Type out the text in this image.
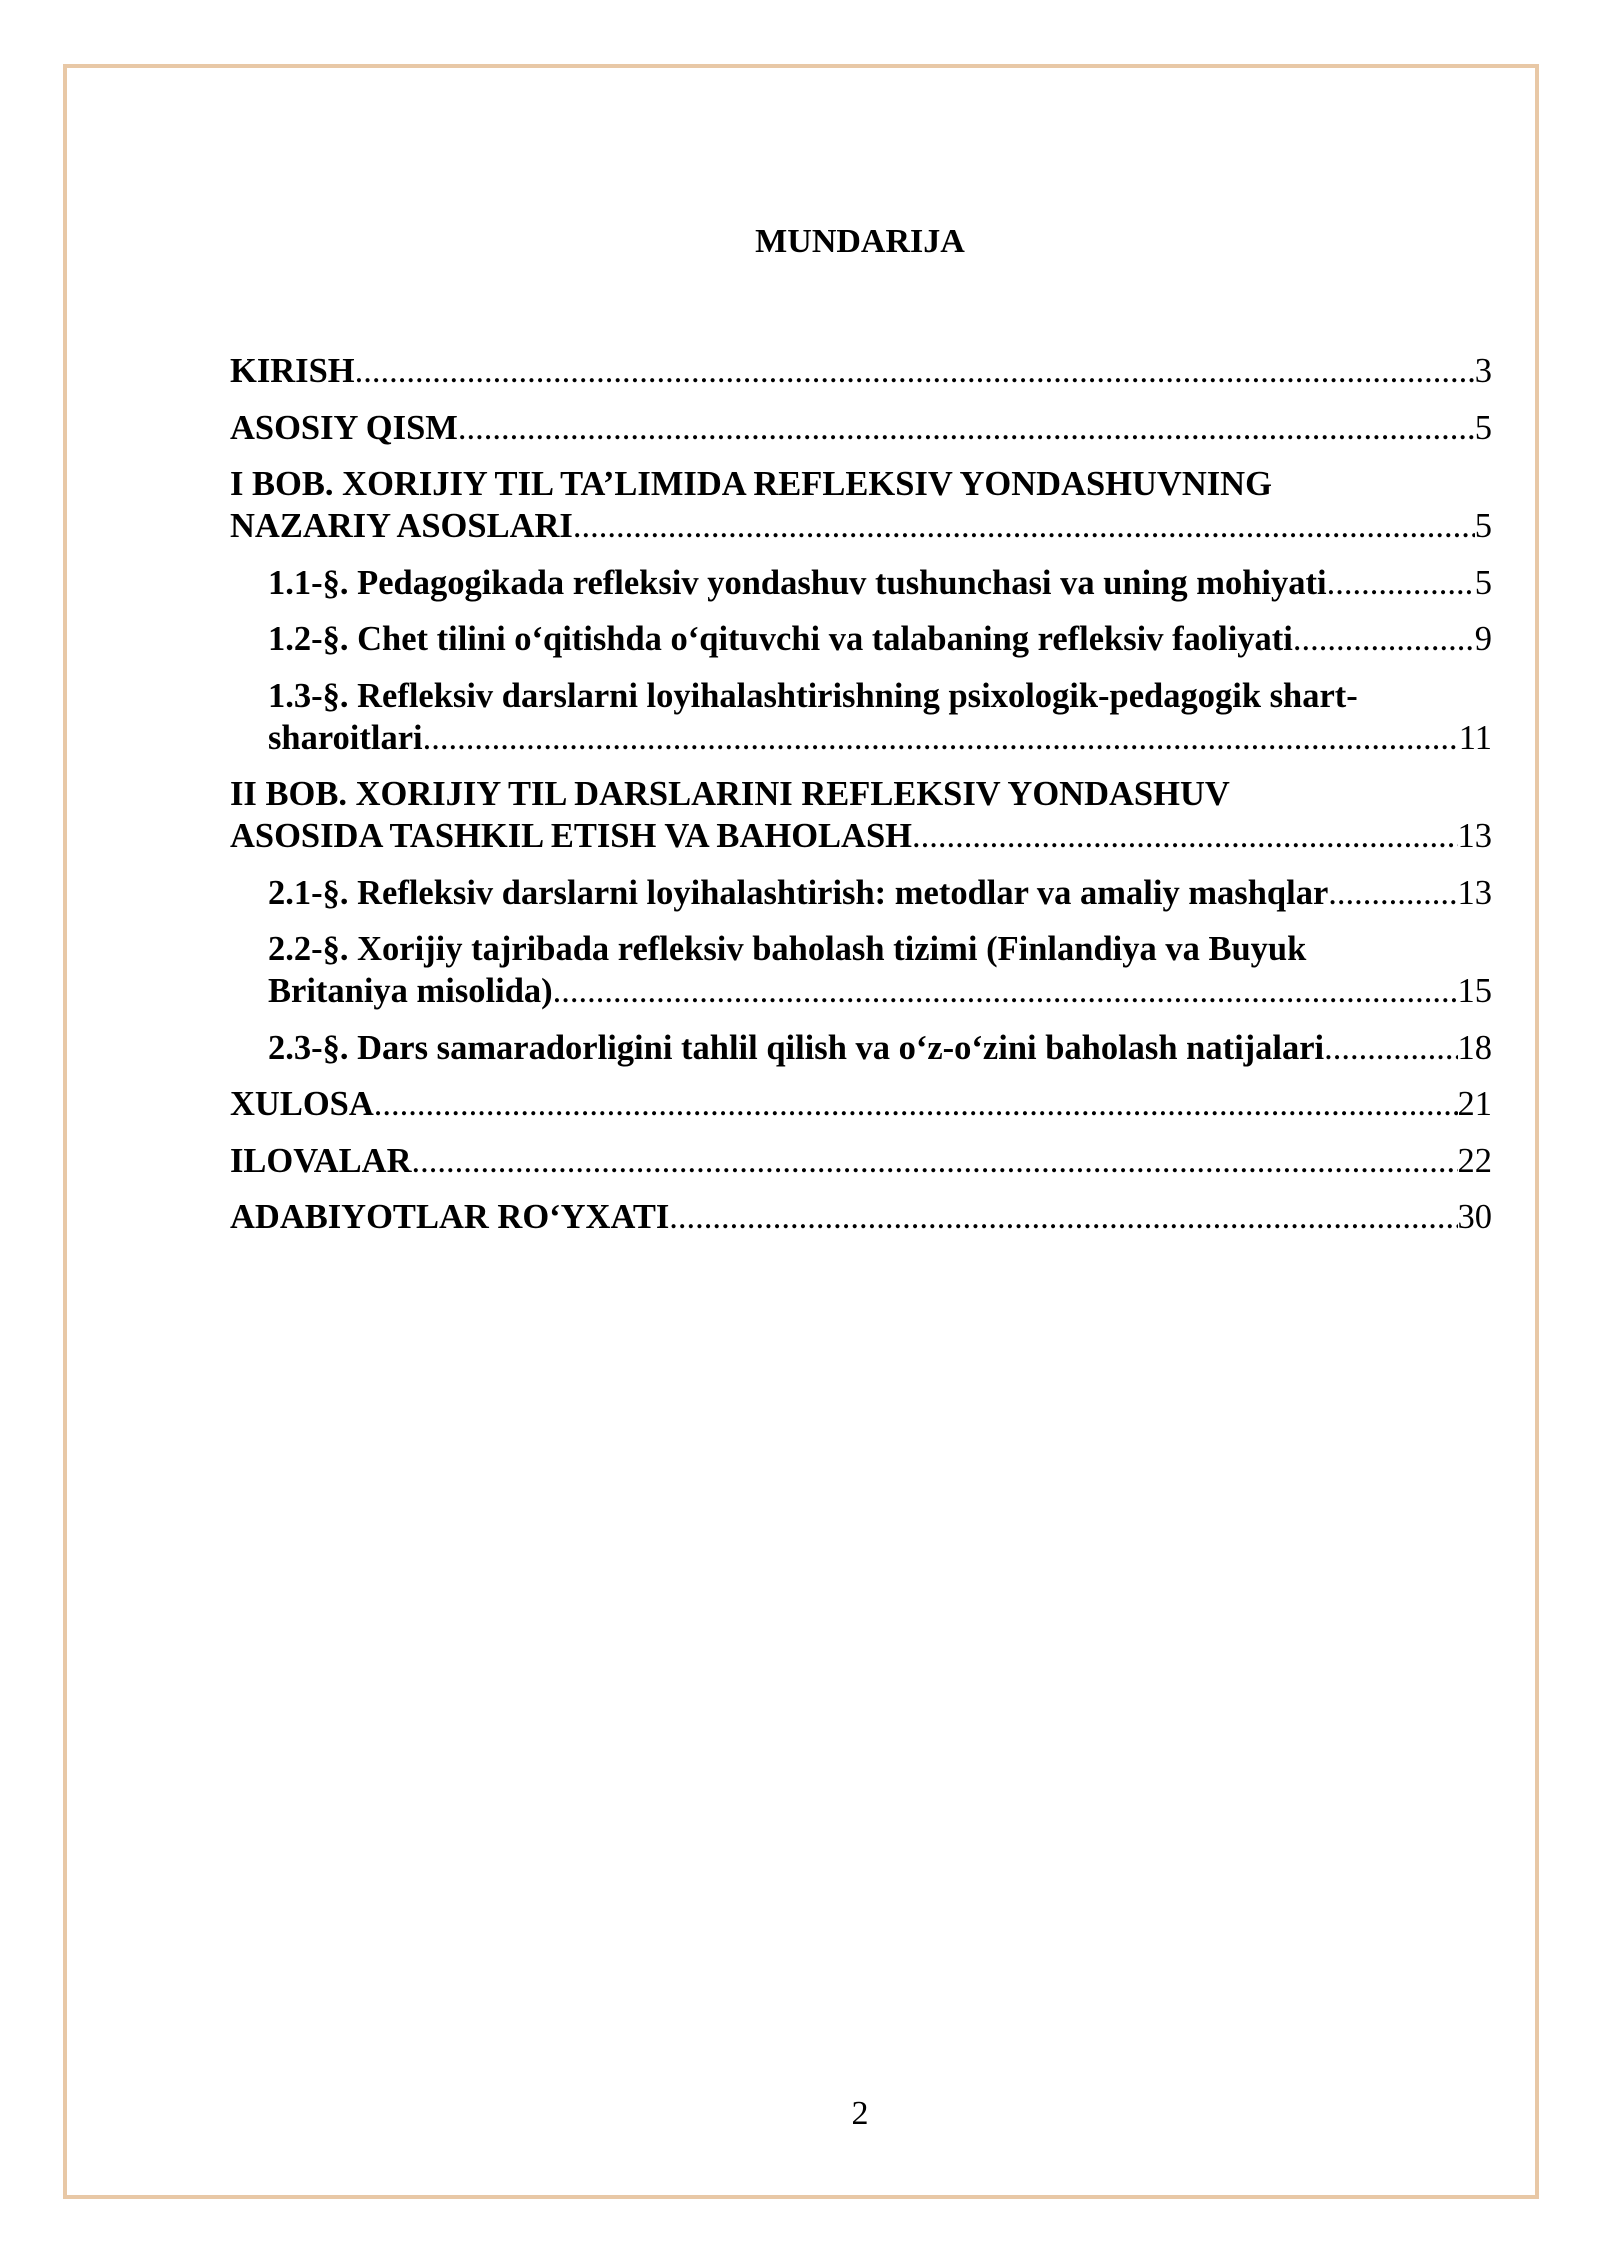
MUNDARIJA
KIRISH .....	3
ASOSIY QISM .....	5
I BOB. XORIJIY TIL TA’LIMIDA REFLEKSIV YONDASHUVNING
NAZARIY ASOSLARI .....	5
1.1-§. Pedagogikada refleksiv yondashuv tushunchasi va uning mohiyati .....	5
1.2-§. Chet tilini o‘qitishda o‘qituvchi va talabaning refleksiv faoliyati .....	9
1.3-§. Refleksiv darslarni loyihalashtirishning psixologik-pedagogik shart-
sharoitlari .....	11
II BOB. XORIJIY TIL DARSLARINI REFLEKSIV YONDASHUV
ASOSIDA TASHKIL ETISH VA BAHOLASH .....	13
2.1-§. Refleksiv darslarni loyihalashtirish: metodlar va amaliy mashqlar .....	13
2.2-§. Xorijiy tajribada refleksiv baholash tizimi (Finlandiya va Buyuk
Britaniya misolida) .....	15
2.3-§. Dars samaradorligini tahlil qilish va o‘z-o‘zini baholash natijalari .....	18
XULOSA .....	21
ILOVALAR .....	22
ADABIYOTLAR RO‘YXATI .....	30
2
